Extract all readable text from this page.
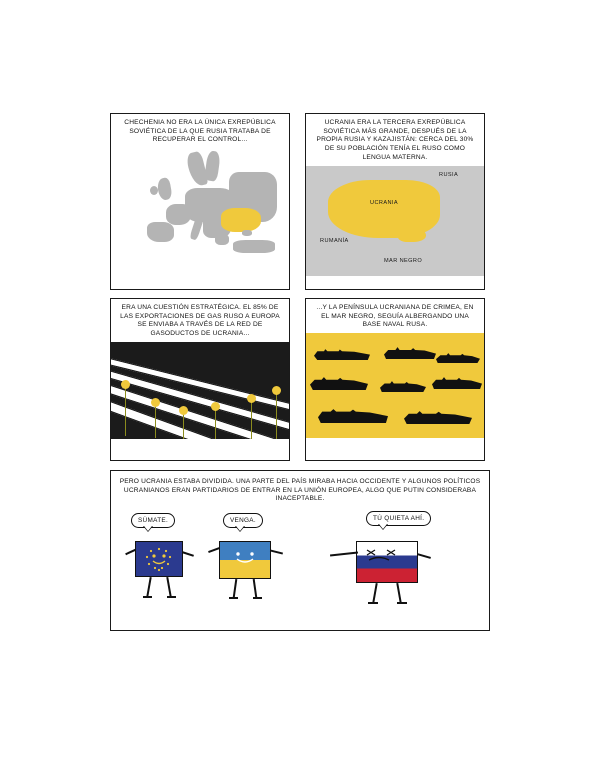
CHECHENIA NO ERA LA ÚNICA EXREPÚBLICA SOVIÉTICA DE LA QUE RUSIA TRATABA DE RECUPERAR EL CONTROL...
UCRANIA ERA LA TERCERA EXREPÚBLICA SOVIÉTICA MÁS GRANDE, DESPUÉS DE LA PROPIA RUSIA Y KAZAJISTÁN: CERCA DEL 30% DE SU POBLACIÓN TENÍA EL RUSO COMO LENGUA MATERNA.
RUSIA
UCRANIA
RUMANÍA
MAR NEGRO
ERA UNA CUESTIÓN ESTRATÉGICA. EL 85% DE LAS EXPORTACIONES DE GAS RUSO A EUROPA SE ENVIABA A TRAVÉS DE LA RED DE GASODUCTOS DE UCRANIA...
...Y LA PENÍNSULA UCRANIANA DE CRIMEA, EN EL MAR NEGRO, SEGUÍA ALBERGANDO UNA BASE NAVAL RUSA.
PERO UCRANIA ESTABA DIVIDIDA. UNA PARTE DEL PAÍS MIRABA HACIA OCCIDENTE Y ALGUNOS POLÍTICOS UCRANIANOS ERAN PARTIDARIOS DE ENTRAR EN LA UNIÓN EUROPEA, ALGO QUE PUTIN CONSIDERABA INACEPTABLE.
SÚMATE.	VENGA.	TÚ QUIETA AHÍ.
